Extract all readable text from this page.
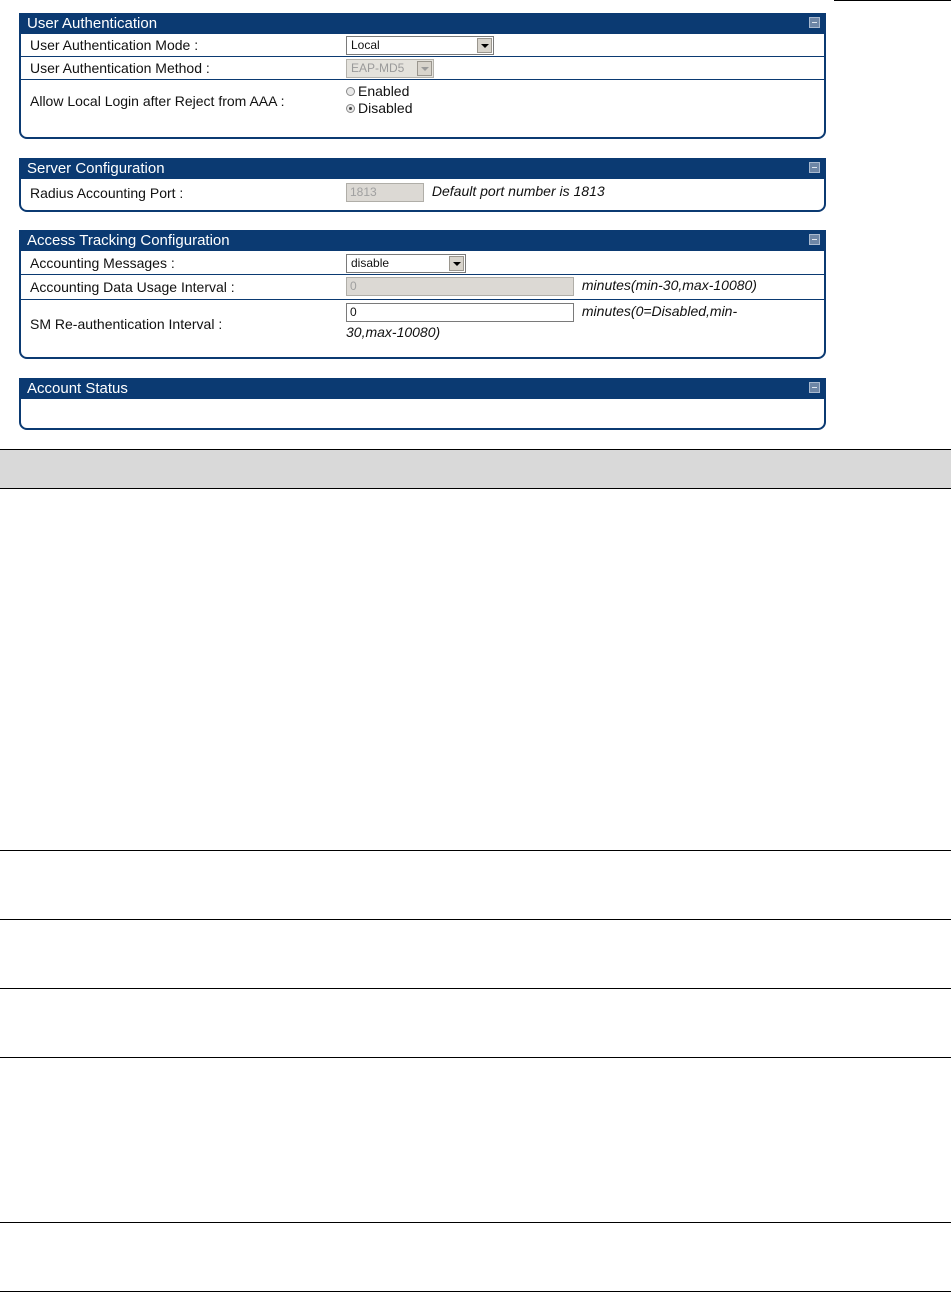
User Authentication
User Authentication Mode :	Local
User Authentication Method :	EAP-MD5
Allow Local Login after Reject from AAA :
Enabled
Disabled
Server Configuration
Radius Accounting Port :	1813	Default port number is 1813
Access Tracking Configuration
Accounting Messages :	disable
Accounting Data Usage Interval :	0	minutes(min-30,max-10080)
SM Re-authentication Interval :
0	minutes(0=Disabled,min-
30,max-10080)
Account Status
